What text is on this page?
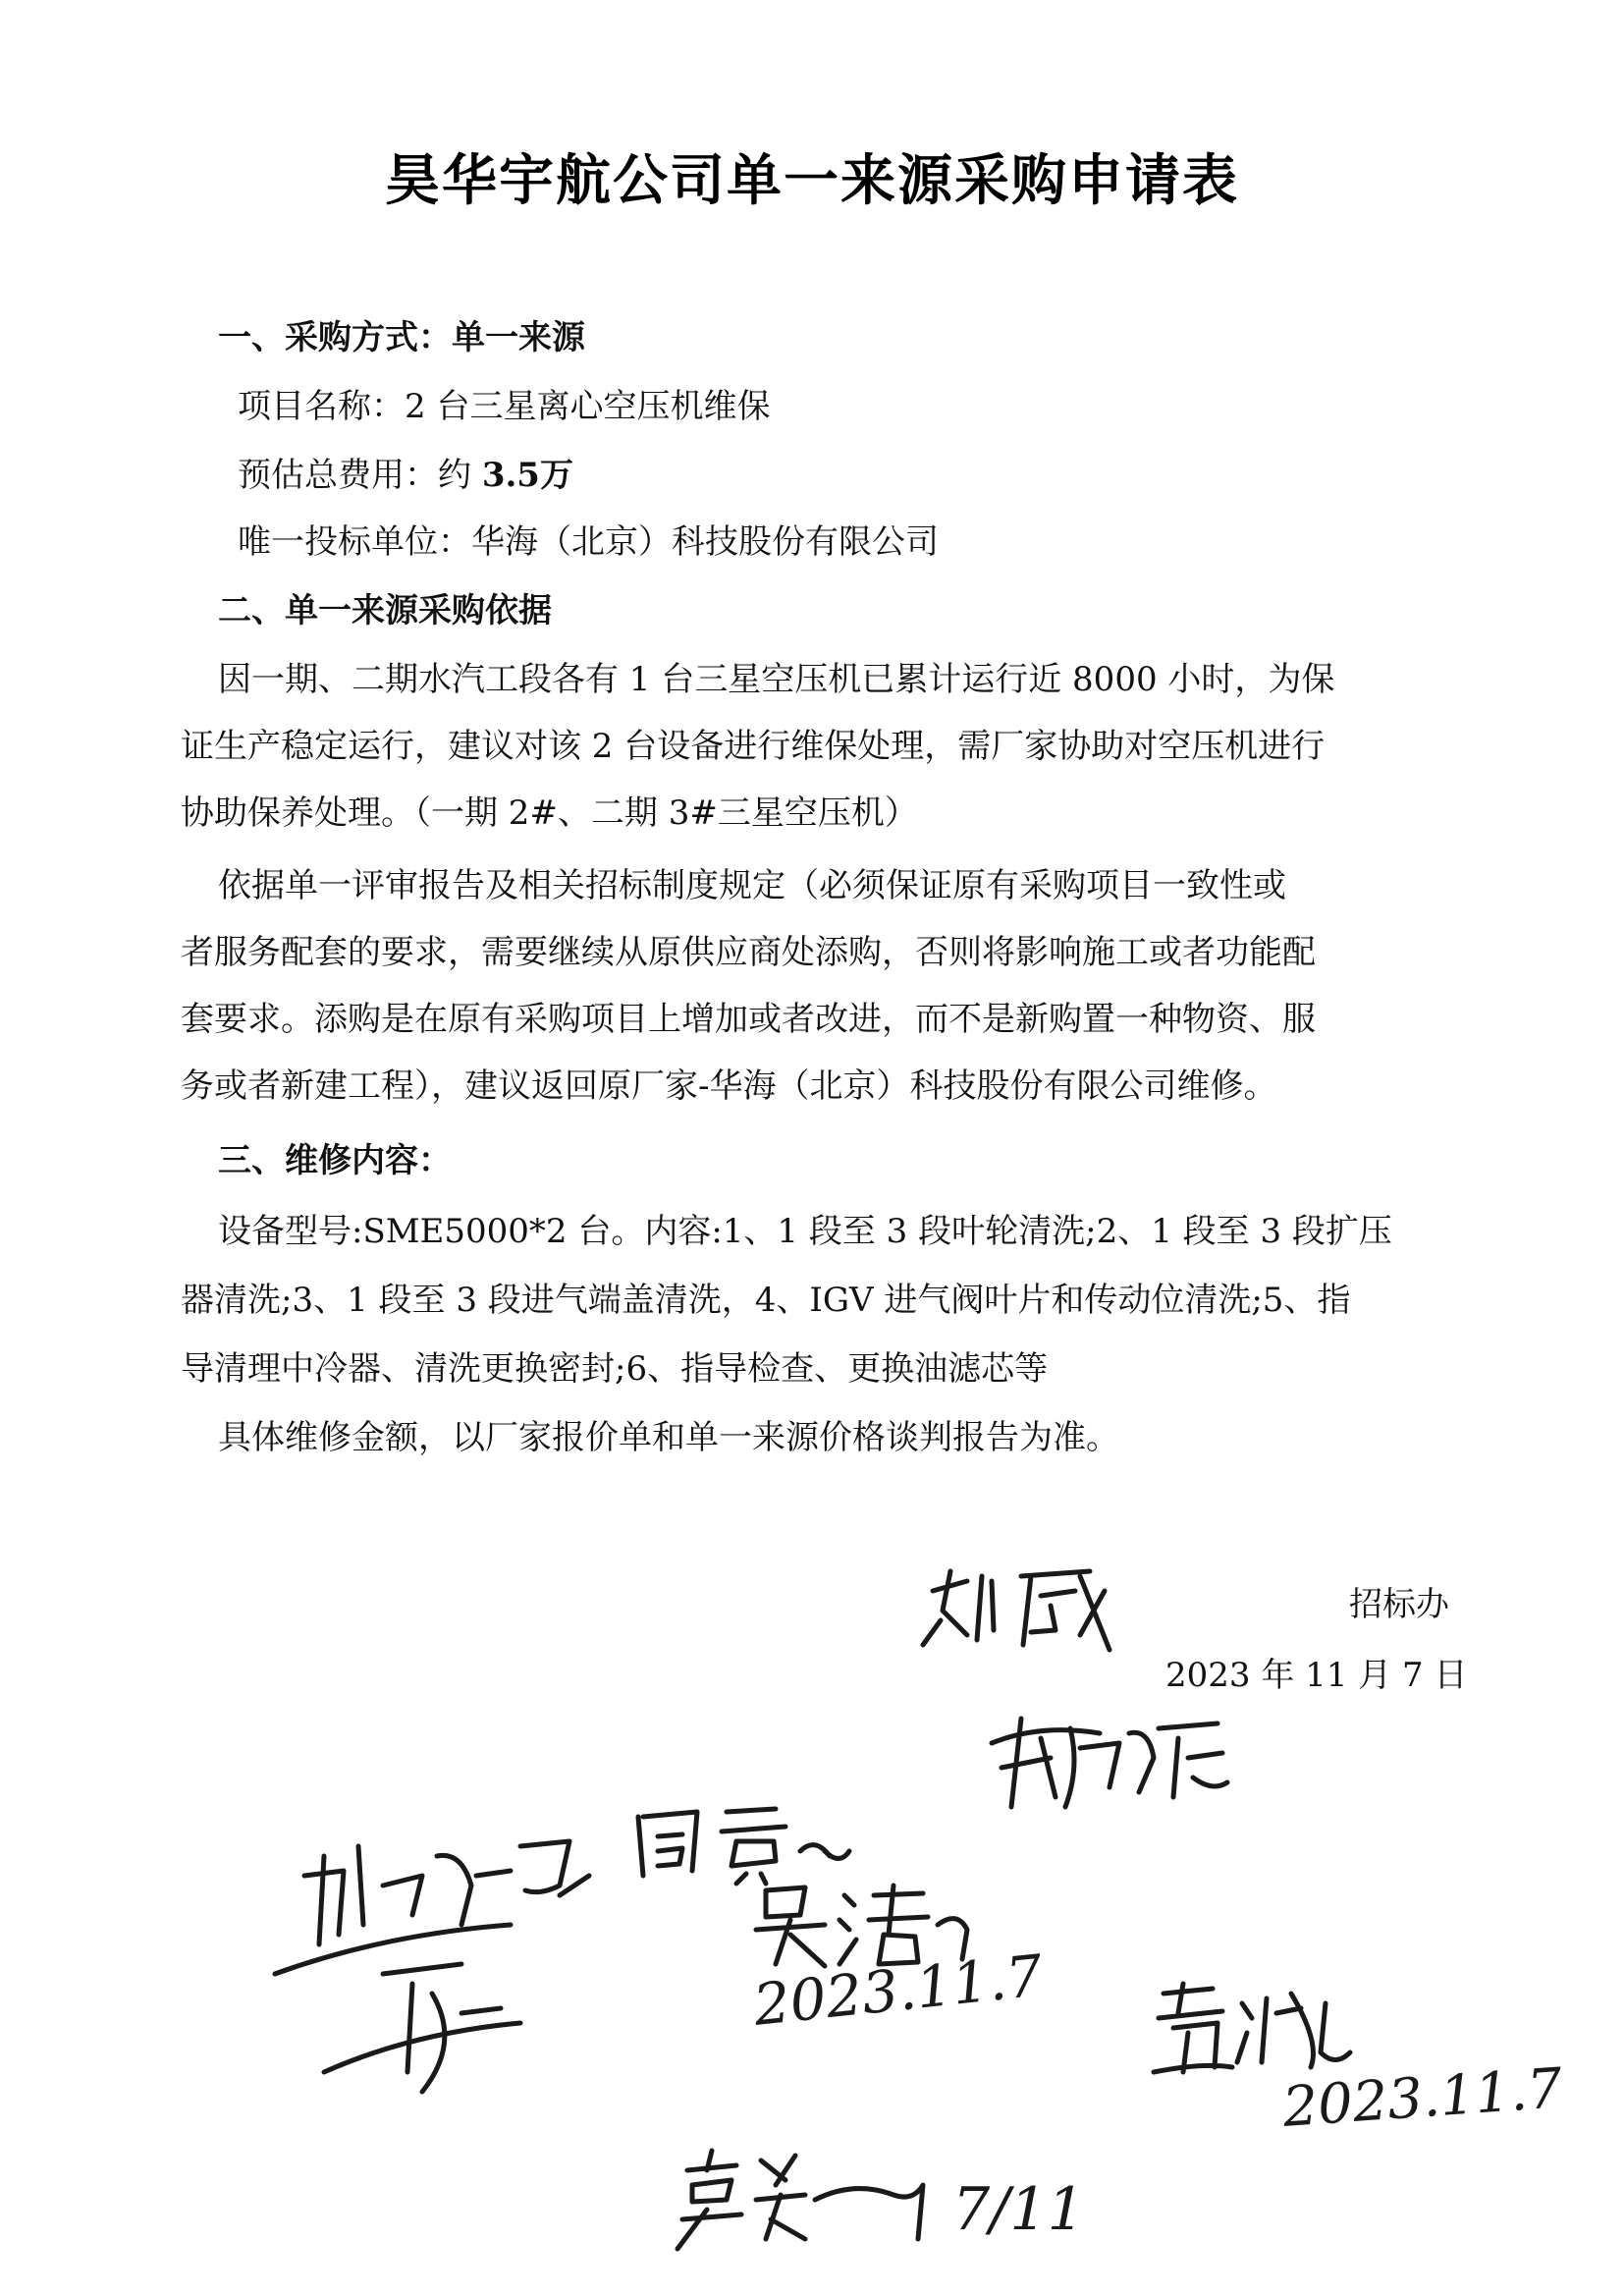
昊华宇航公司单一来源采购申请表
一、采购方式：单一来源
项目名称：2 台三星离心空压机维保
预估总费用：约 3.5万
唯一投标单位：华海（北京）科技股份有限公司
二、单一来源采购依据
因一期、二期水汽工段各有 1 台三星空压机已累计运行近 8000 小时，为保
证生产稳定运行，建议对该 2 台设备进行维保处理，需厂家协助对空压机进行
协助保养处理。（一期 2#、二期 3#三星空压机）
依据单一评审报告及相关招标制度规定（必须保证原有采购项目一致性或
者服务配套的要求，需要继续从原供应商处添购，否则将影响施工或者功能配
套要求。添购是在原有采购项目上增加或者改进，而不是新购置一种物资、服
务或者新建工程），建议返回原厂家-华海（北京）科技股份有限公司维修。
三、维修内容：
设备型号:SME5000*2 台。内容:1、1 段至 3 段叶轮清洗;2、1 段至 3 段扩压
器清洗;3、1 段至 3 段进气端盖清洗，4、IGV 进气阀叶片和传动位清洗;5、指
导清理中冷器、清洗更换密封;6、指导检查、更换油滤芯等
具体维修金额，以厂家报价单和单一来源价格谈判报告为准。
招标办
2023 年 11 月 7 日
2023.11.7
2023.11.7
7/11
